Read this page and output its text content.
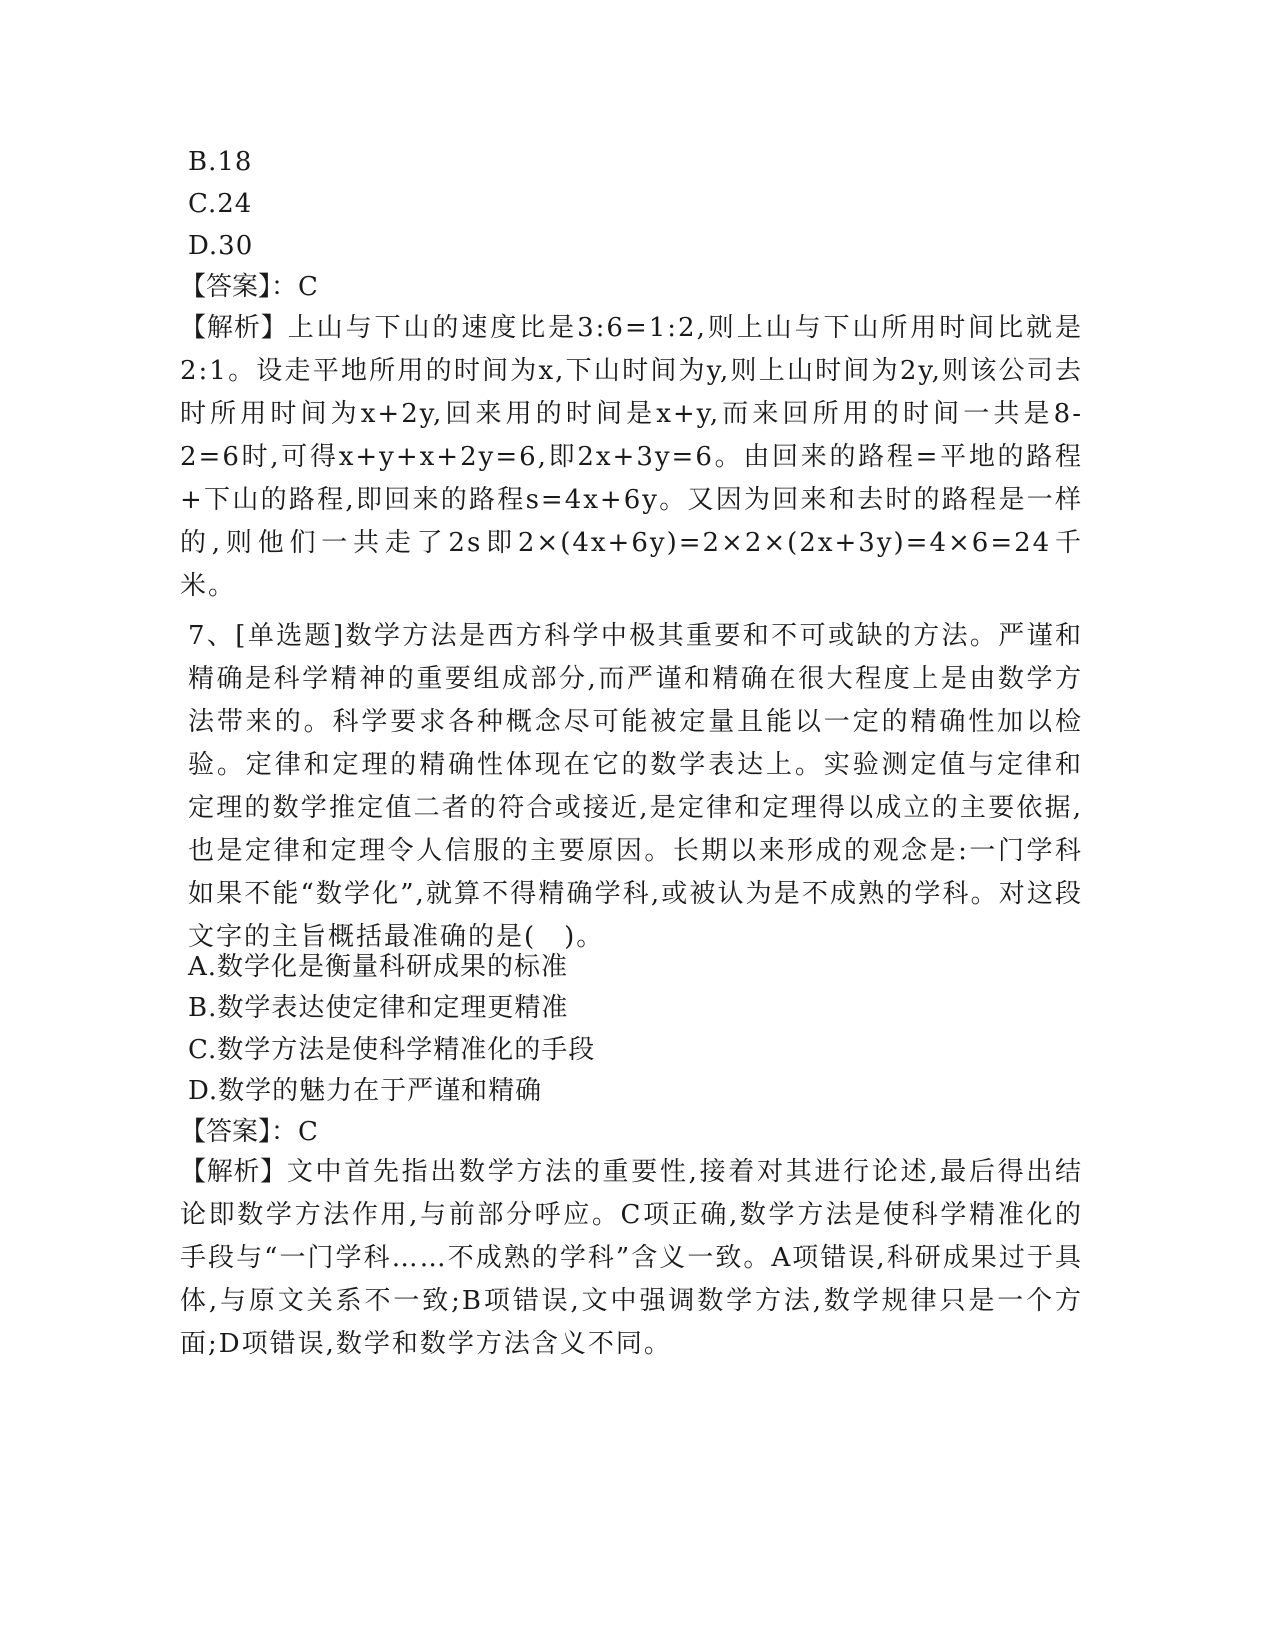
B.18
C.24
D.30
【答案】：C
【解析】上山与下山的速度比是3:6=1:2,则上山与下山所用时间比就是2:1。设走平地所用的时间为x,下山时间为y,则上山时间为2y,则该公司去时所用时间为x+2y,回来用的时间是x+y,而来回所用的时间一共是8-2=6时,可得x+y+x+2y=6,即2x+3y=6。由回来的路程=平地的路程+下山的路程,即回来的路程s=4x+6y。又因为回来和去时的路程是一样的,则他们一共走了2s即2×(4x+6y)=2×2×(2x+3y)=4×6=24千米。
7、[单选题]数学方法是西方科学中极其重要和不可或缺的方法。严谨和精确是科学精神的重要组成部分,而严谨和精确在很大程度上是由数学方法带来的。科学要求各种概念尽可能被定量且能以一定的精确性加以检验。定律和定理的精确性体现在它的数学表达上。实验测定值与定律和定理的数学推定值二者的符合或接近,是定律和定理得以成立的主要依据,也是定律和定理令人信服的主要原因。长期以来形成的观念是:一门学科如果不能“数学化”,就算不得精确学科,或被认为是不成熟的学科。对这段文字的主旨概括最准确的是(　)。
A.数学化是衡量科研成果的标准
B.数学表达使定律和定理更精准
C.数学方法是使科学精准化的手段
D.数学的魅力在于严谨和精确
【答案】：C
【解析】文中首先指出数学方法的重要性,接着对其进行论述,最后得出结论即数学方法作用,与前部分呼应。C项正确,数学方法是使科学精准化的手段与“一门学科……不成熟的学科”含义一致。A项错误,科研成果过于具体,与原文关系不一致;B项错误,文中强调数学方法,数学规律只是一个方面;D项错误,数学和数学方法含义不同。
